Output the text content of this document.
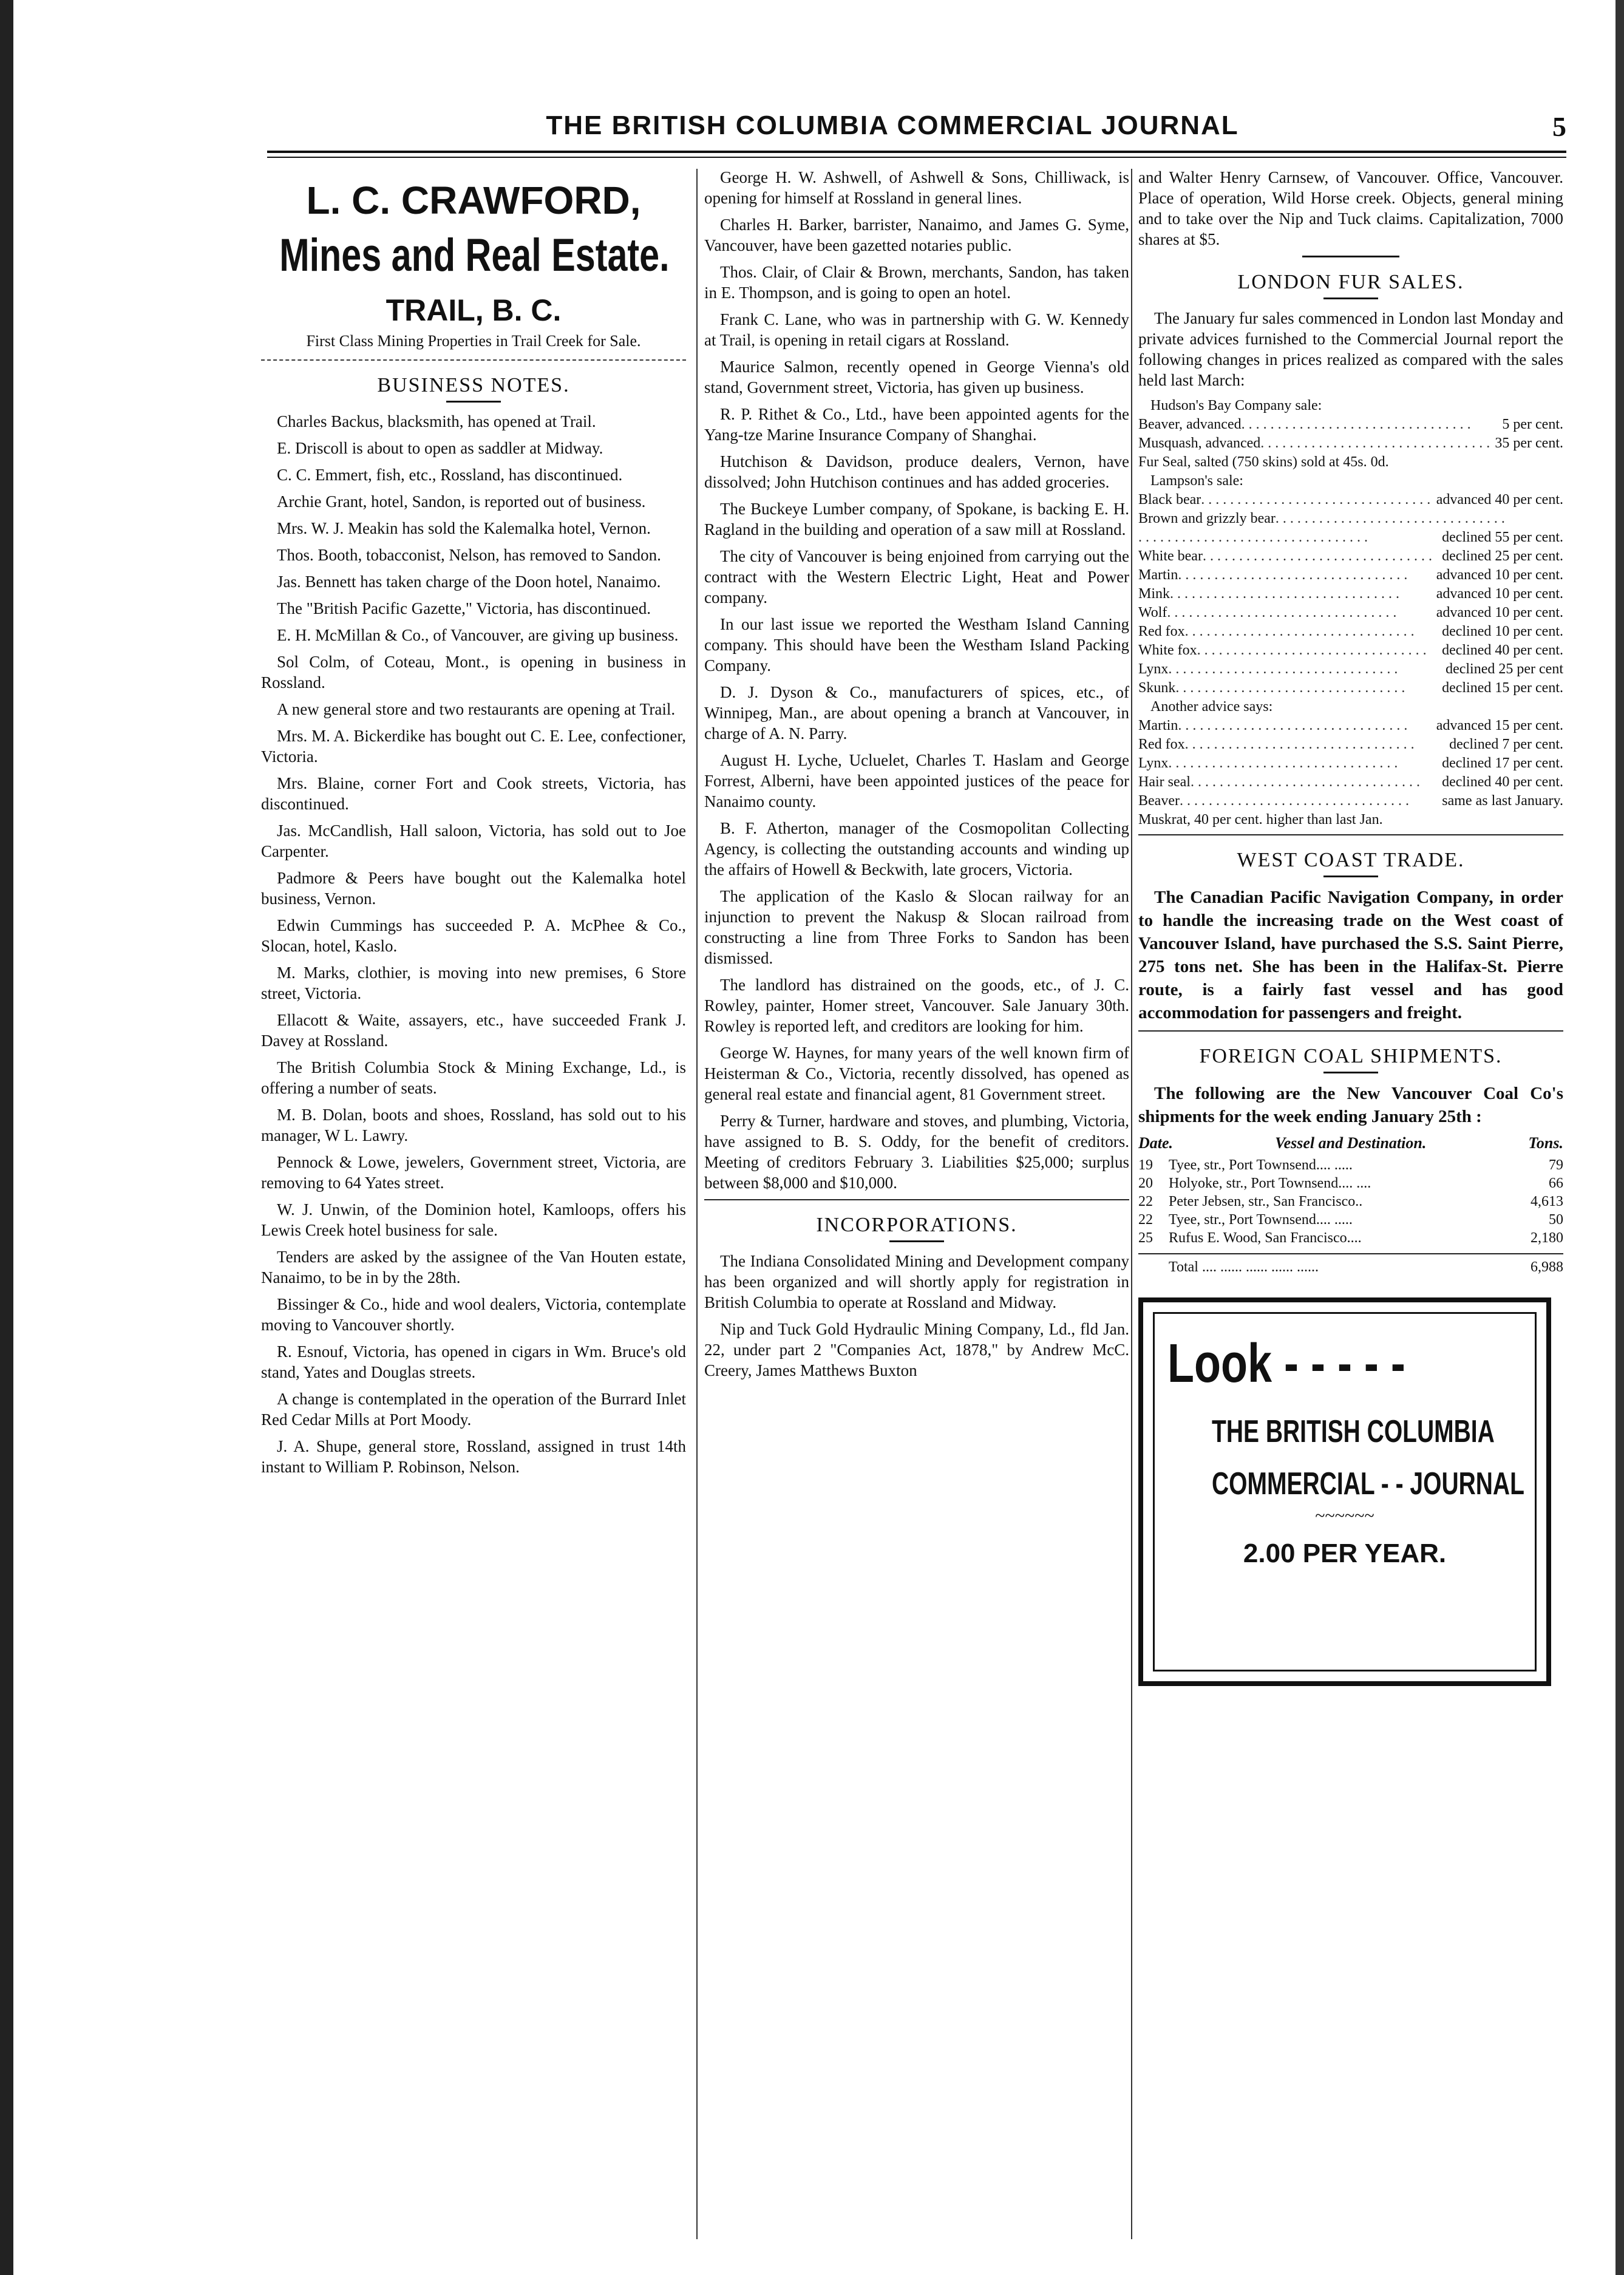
THE BRITISH COLUMBIA COMMERCIAL JOURNAL	5
L. C. CRAWFORD,
Mines and Real Estate.
TRAIL, B. C.
First Class Mining Properties in Trail Creek for Sale.
BUSINESS NOTES.

Charles Backus, blacksmith, has opened at Trail.

E. Driscoll is about to open as saddler at Midway.

C. C. Emmert, fish, etc., Rossland, has discontinued.

Archie Grant, hotel, Sandon, is reported out of business.

Mrs. W. J. Meakin has sold the Kalemalka hotel, Vernon.

Thos. Booth, tobacconist, Nelson, has removed to Sandon.

Jas. Bennett has taken charge of the Doon hotel, Nanaimo.

The "British Pacific Gazette," Victoria, has discontinued.

E. H. McMillan & Co., of Vancouver, are giving up business.

Sol Colm, of Coteau, Mont., is opening in business in Rossland.

A new general store and two restaurants are opening at Trail.

Mrs. M. A. Bickerdike has bought out C. E. Lee, confectioner, Victoria.

Mrs. Blaine, corner Fort and Cook streets, Victoria, has discontinued.

Jas. McCandlish, Hall saloon, Victoria, has sold out to Joe Carpenter.

Padmore & Peers have bought out the Kalemalka hotel business, Vernon.

Edwin Cummings has succeeded P. A. McPhee & Co., Slocan, hotel, Kaslo.

M. Marks, clothier, is moving into new premises, 6 Store street, Victoria.

Ellacott & Waite, assayers, etc., have succeeded Frank J. Davey at Rossland.

The British Columbia Stock & Mining Exchange, Ld., is offering a number of seats.

M. B. Dolan, boots and shoes, Rossland, has sold out to his manager, W L. Lawry.

Pennock & Lowe, jewelers, Government street, Victoria, are removing to 64 Yates street.

W. J. Unwin, of the Dominion hotel, Kamloops, offers his Lewis Creek hotel business for sale.

Tenders are asked by the assignee of the Van Houten estate, Nanaimo, to be in by the 28th.

Bissinger & Co., hide and wool dealers, Victoria, contemplate moving to Vancouver shortly.

R. Esnouf, Victoria, has opened in cigars in Wm. Bruce's old stand, Yates and Douglas streets.

A change is contemplated in the operation of the Burrard Inlet Red Cedar Mills at Port Moody.

J. A. Shupe, general store, Rossland, assigned in trust 14th instant to William P. Robinson, Nelson.

George H. W. Ashwell, of Ashwell & Sons, Chilliwack, is opening for himself at Rossland in general lines.

Charles H. Barker, barrister, Nanaimo, and James G. Syme, Vancouver, have been gazetted notaries public.

Thos. Clair, of Clair & Brown, merchants, Sandon, has taken in E. Thompson, and is going to open an hotel.

Frank C. Lane, who was in partnership with G. W. Kennedy at Trail, is opening in retail cigars at Rossland.

Maurice Salmon, recently opened in George Vienna's old stand, Government street, Victoria, has given up business.

R. P. Rithet & Co., Ltd., have been appointed agents for the Yang-tze Marine Insurance Company of Shanghai.

Hutchison & Davidson, produce dealers, Vernon, have dissolved; John Hutchison continues and has added groceries.

The Buckeye Lumber company, of Spokane, is backing E. H. Ragland in the building and operation of a saw mill at Rossland.

The city of Vancouver is being enjoined from carrying out the contract with the Western Electric Light, Heat and Power company.

In our last issue we reported the Westham Island Canning company. This should have been the Westham Island Packing Company.

D. J. Dyson & Co., manufacturers of spices, etc., of Winnipeg, Man., are about opening a branch at Vancouver, in charge of A. N. Parry.

August H. Lyche, Ucluelet, Charles T. Haslam and George Forrest, Alberni, have been appointed justices of the peace for Nanaimo county.

B. F. Atherton, manager of the Cosmopolitan Collecting Agency, is collecting the outstanding accounts and winding up the affairs of Howell & Beckwith, late grocers, Victoria.

The application of the Kaslo & Slocan railway for an injunction to prevent the Nakusp & Slocan railroad from constructing a line from Three Forks to Sandon has been dismissed.

The landlord has distrained on the goods, etc., of J. C. Rowley, painter, Homer street, Vancouver. Sale January 30th. Rowley is reported left, and creditors are looking for him.

George W. Haynes, for many years of the well known firm of Heisterman & Co., Victoria, recently dissolved, has opened as general real estate and financial agent, 81 Government street.

Perry & Turner, hardware and stoves, and plumbing, Victoria, have assigned to B. S. Oddy, for the benefit of creditors. Meeting of creditors February 3. Liabilities $25,000; surplus between $8,000 and $10,000.

INCORPORATIONS.

The Indiana Consolidated Mining and Development company has been organized and will shortly apply for registration in British Columbia to operate at Rossland and Midway.

Nip and Tuck Gold Hydraulic Mining Company, Ld., fld Jan. 22, under part 2 "Companies Act, 1878," by Andrew McC. Creery, James Matthews Buxton

and Walter Henry Carnsew, of Vancouver. Office, Vancouver. Place of operation, Wild Horse creek. Objects, general mining and to take over the Nip and Tuck claims. Capitalization, 7000 shares at $5.

LONDON FUR SALES.

The January fur sales commenced in London last Monday and private advices furnished to the Commercial Journal report the following changes in prices realized as compared with the sales held last March:

Hudson's Bay Company sale:
Beaver, advanced . . . . . . . . . . . . . . . . . . . . . . . . . . . . . . . .	5 per cent.
Musquash, advanced . . . . . . . . . . . . . . . . . . . . . . . . . . . . . . . . 35 per cent.
Fur Seal, salted (750 skins) sold at 45s. 0d.
Lampson's sale:
Black bear . . . . . . . . . . . . . . . . . . . . . . . . . . . . . . . . advanced 40 per cent.
Brown and grizzly bear . . . . . . . . . . . . . . . . . . . . . . . . . . . . . . . .
. . . . . . . . . . . . . . . . . . . . . . . . . . . . . . . .	declined 55 per cent.
White bear . . . . . . . . . . . . . . . . . . . . . . . . . . . . . . . . declined 25 per cent.
Martin . . . . . . . . . . . . . . . . . . . . . . . . . . . . . . . .	advanced 10 per cent.
Mink . . . . . . . . . . . . . . . . . . . . . . . . . . . . . . . .	advanced 10 per cent.
Wolf . . . . . . . . . . . . . . . . . . . . . . . . . . . . . . . .	advanced 10 per cent.
Red fox . . . . . . . . . . . . . . . . . . . . . . . . . . . . . . . .	declined 10 per cent.
White fox . . . . . . . . . . . . . . . . . . . . . . . . . . . . . . . .	declined 40 per cent.
Lynx . . . . . . . . . . . . . . . . . . . . . . . . . . . . . . . .	declined 25 per cent
Skunk . . . . . . . . . . . . . . . . . . . . . . . . . . . . . . . .	declined 15 per cent.
Another advice says:
Martin . . . . . . . . . . . . . . . . . . . . . . . . . . . . . . . .	advanced 15 per cent.
Red fox . . . . . . . . . . . . . . . . . . . . . . . . . . . . . . . .	declined 7 per cent.
Lynx . . . . . . . . . . . . . . . . . . . . . . . . . . . . . . . .	declined 17 per cent.
Hair seal . . . . . . . . . . . . . . . . . . . . . . . . . . . . . . . .	declined 40 per cent.
Beaver . . . . . . . . . . . . . . . . . . . . . . . . . . . . . . . .	same as last January.
Muskrat, 40 per cent. higher than last Jan.
WEST COAST TRADE.

The Canadian Pacific Navigation Company, in order to handle the increasing trade on the West coast of Vancouver Island, have purchased the S.S. Saint Pierre, 275 tons net. She has been in the Halifax-St. Pierre route, is a fairly fast vessel and has good accommodation for passengers and freight.

FOREIGN COAL SHIPMENTS.

The following are the New Vancouver Coal Co's shipments for the week ending January 25th :

Date.	Vessel and Destination.	Tons.
19	Tyee, str., Port Townsend.... .....	79
20	Holyoke, str., Port Townsend.... ....	66
22	Peter Jebsen, str., San Francisco..	4,613
22	Tyee, str., Port Townsend.... .....	50
25	Rufus E. Wood, San Francisco....	2,180
Total .... ...... ...... ...... ......	6,988
Look - - - - -
THE BRITISH COLUMBIA
COMMERCIAL - - JOURNAL
~~~~~~
2.00 PER YEAR.
